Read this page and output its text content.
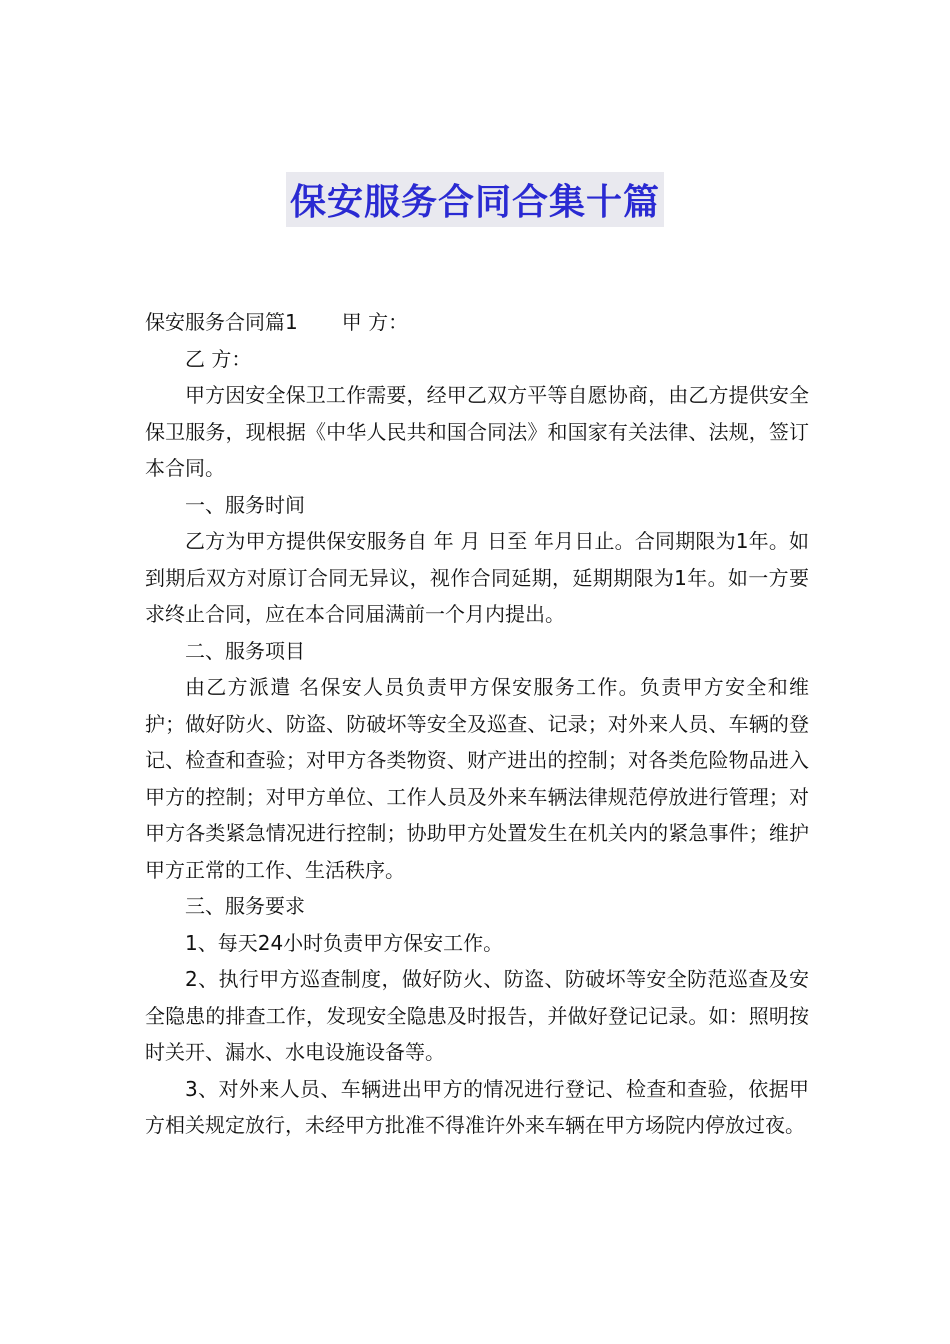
保安服务合同合集十篇

保安服务合同篇1 甲 方：

乙 方：

甲方因安全保卫工作需要，经甲乙双方平等自愿协商，由乙方提供安全保卫服务，现根据《中华人民共和国合同法》和国家有关法律、法规，签订本合同。

一、服务时间

乙方为甲方提供保安服务自 年 月 日至 年月日止。合同期限为1年。如到期后双方对原订合同无异议，视作合同延期，延期期限为1年。如一方要求终止合同，应在本合同届满前一个月内提出。

二、服务项目

由乙方派遣 名保安人员负责甲方保安服务工作。负责甲方安全和维护；做好防火、防盗、防破坏等安全及巡查、记录；对外来人员、车辆的登记、检查和查验；对甲方各类物资、财产进出的控制；对各类危险物品进入甲方的控制；对甲方单位、工作人员及外来车辆法律规范停放进行管理；对甲方各类紧急情况进行控制；协助甲方处置发生在机关内的紧急事件；维护甲方正常的工作、生活秩序。

三、服务要求

1、每天24小时负责甲方保安工作。

2、执行甲方巡查制度，做好防火、防盗、防破坏等安全防范巡查及安全隐患的排查工作，发现安全隐患及时报告，并做好登记记录。如：照明按时关开、漏水、水电设施设备等。

3、对外来人员、车辆进出甲方的情况进行登记、检查和查验，依据甲方相关规定放行，未经甲方批准不得准许外来车辆在甲方场院内停放过夜。
